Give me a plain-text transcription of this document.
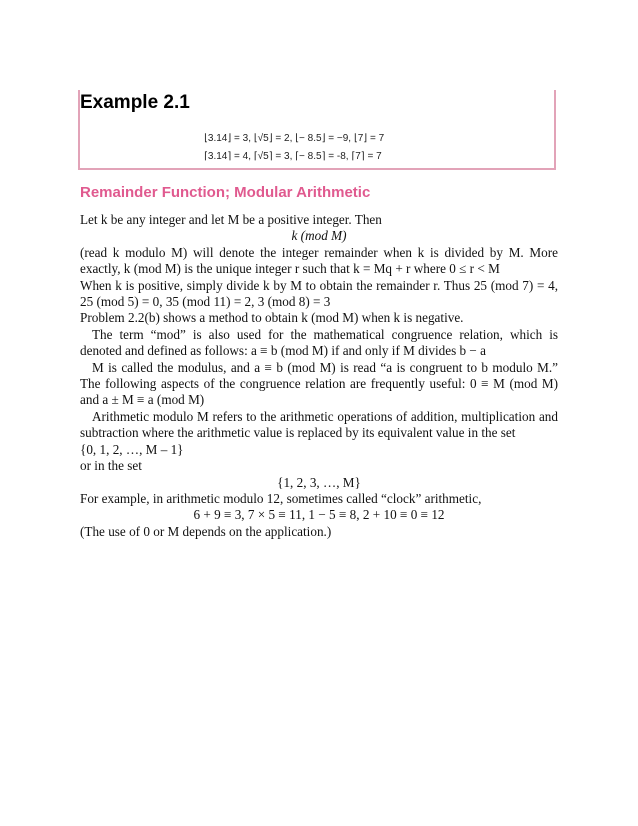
Example 2.1

⌊3.14⌋ = 3, ⌊√5⌋ = 2, ⌊− 8.5⌋ = −9, ⌊7⌋ = 7

⌈3.14⌉ = 4, ⌈√5⌉ = 3, ⌈− 8.5⌉ = -8, ⌈7⌉ = 7

Remainder Function; Modular Arithmetic

Let k be any integer and let M be a positive integer. Then

k (mod M)

(read k modulo M) will denote the integer remainder when k is divided by M. More exactly, k (mod M) is the unique integer r such that k = Mq + r where 0 ≤ r < M

When k is positive, simply divide k by M to obtain the remainder r. Thus 25 (mod 7) = 4, 25 (mod 5) = 0, 35 (mod 11) = 2, 3 (mod 8) = 3

Problem 2.2(b) shows a method to obtain k (mod M) when k is negative.

The term “mod” is also used for the mathematical congruence relation, which is denoted and defined as follows: a ≡ b (mod M) if and only if M divides b − a

M is called the modulus, and a ≡ b (mod M) is read “a is congruent to b modulo M.” The following aspects of the congruence relation are frequently useful: 0 ≡ M (mod M) and a ± M ≡ a (mod M)

Arithmetic modulo M refers to the arithmetic operations of addition, multiplication and subtraction where the arithmetic value is replaced by its equivalent value in the set

{0, 1, 2, …, M – 1}

or in the set

{1, 2, 3, …, M}

For example, in arithmetic modulo 12, sometimes called “clock” arithmetic,

6 + 9 ≡ 3, 7 × 5 ≡ 11, 1 − 5 ≡ 8, 2 + 10 ≡ 0 ≡ 12

(The use of 0 or M depends on the application.)
